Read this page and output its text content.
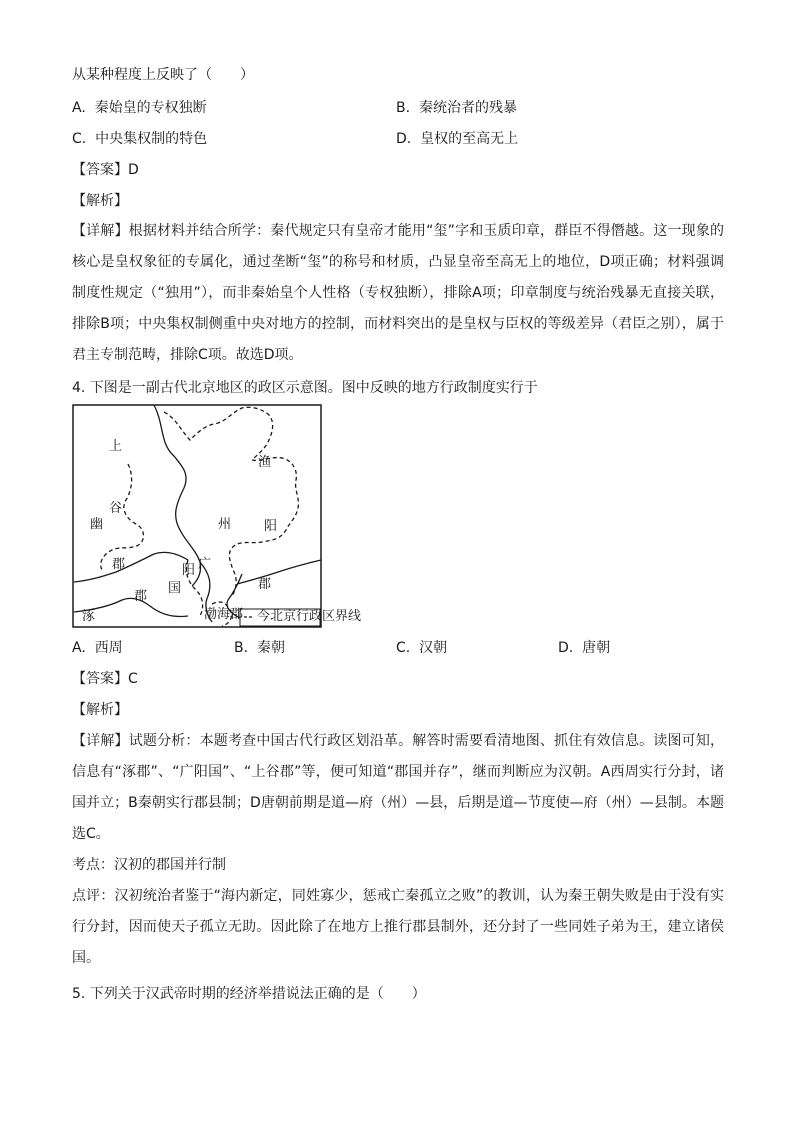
从某种程度上反映了（　　）
A. 秦始皇的专权独断	B. 秦统治者的残暴
C. 中央集权制的特色	D. 皇权的至高无上
【答案】D
【解析】
【详解】根据材料并结合所学：秦代规定只有皇帝才能用“玺”字和玉质印章，群臣不得僭越。这一现象的核心是皇权象征的专属化，通过垄断“玺”的称号和材质，凸显皇帝至高无上的地位，D项正确；材料强调制度性规定（“独用”），而非秦始皇个人性格（专权独断），排除A项；印章制度与统治残暴无直接关联，排除B项；中央集权制侧重中央对地方的控制，而材料突出的是皇权与臣权的等级差异（君臣之别），属于君主专制范畴，排除C项。故选D项。
4. 下图是一副古代北京地区的政区示意图。图中反映的地方行政制度实行于
今北京行政区界线
上
谷
郡
幽	州
渔
阳
郡
广
阳
国
郡
涿	渤海郡
A. 西周	B. 秦朝	C. 汉朝	D. 唐朝
【答案】C
【解析】
【详解】试题分析：本题考查中国古代行政区划沿革。解答时需要看清地图、抓住有效信息。读图可知，信息有“涿郡”、“广阳国”、“上谷郡”等，便可知道“郡国并存”，继而判断应为汉朝。A西周实行分封，诸国并立；B秦朝实行郡县制；D唐朝前期是道—府（州）—县，后期是道—节度使—府（州）—县制。本题选C。
考点：汉初的郡国并行制
点评：汉初统治者鉴于“海内新定，同姓寡少，惩戒亡秦孤立之败”的教训，认为秦王朝失败是由于没有实行分封，因而使天子孤立无助。因此除了在地方上推行郡县制外，还分封了一些同姓子弟为王，建立诸侯国。
5. 下列关于汉武帝时期的经济举措说法正确的是（　　）
